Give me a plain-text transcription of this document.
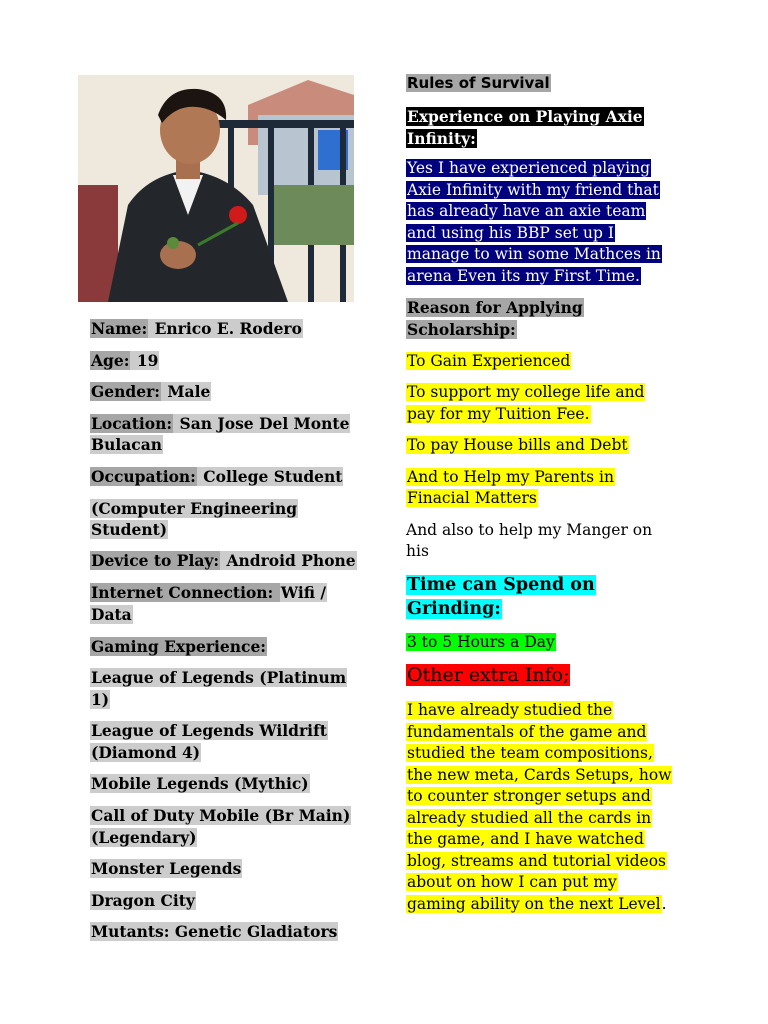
Name: Enrico E. Rodero
Age: 19
Gender: Male
Location: San Jose Del Monte
Bulacan
Occupation: College Student
(Computer Engineering
Student)
Device to Play: Android Phone
Internet Connection: Wifi /
Data
Gaming Experience:
League of Legends (Platinum
1)
League of Legends Wildrift
(Diamond 4)
Mobile Legends (Mythic)
Call of Duty Mobile (Br Main)
(Legendary)
Monster Legends
Dragon City
Mutants: Genetic Gladiators
Rules of Survival
Experience on Playing Axie
Infinity:
Yes I have experienced playing
Axie Infinity with my friend that
has already have an axie team
and using his BBP set up I
manage to win some Mathces in
arena Even its my First Time.
Reason for Applying
Scholarship:
To Gain Experienced
To support my college life and
pay for my Tuition Fee.
To pay House bills and Debt
And to Help my Parents in
Finacial Matters
And also to help my Manger on
his
Time can Spend on
Grinding:
3 to 5 Hours a Day
Other extra Info;
I have already studied the
fundamentals of the game and
studied the team compositions,
the new meta, Cards Setups, how
to counter stronger setups and
already studied all the cards in
the game, and I have watched
blog, streams and tutorial videos
about on how I can put my
gaming ability on the next Level.
